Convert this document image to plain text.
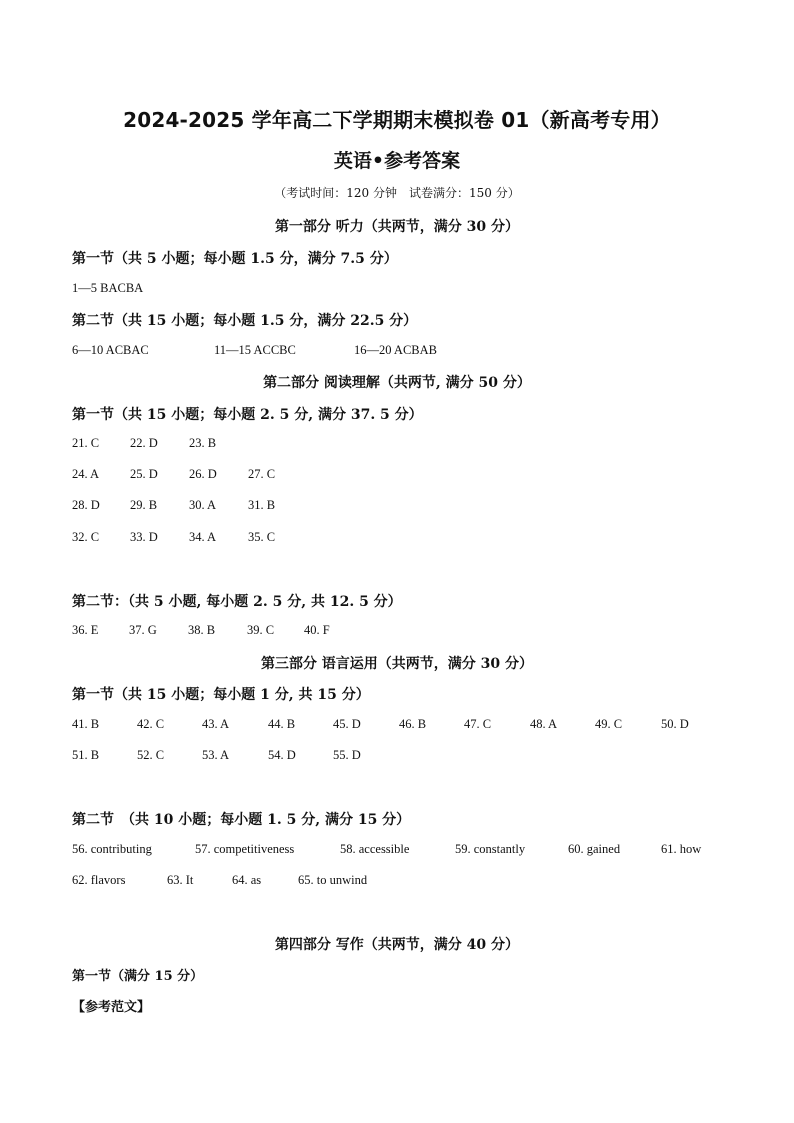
2024-2025 学年高二下学期期末模拟卷 01（新高考专用）
英语•参考答案
（考试时间：120 分钟　试卷满分：150 分）
第一部分 听力（共两节，满分 30 分）
第一节（共 5 小题；每小题 1.5 分，满分 7.5 分）
1—5 BACBA
第二节（共 15 小题；每小题 1.5 分，满分 22.5 分）
6—10 ACBAC	11—15 ACCBC	16—20 ACBAB
第二部分 阅读理解（共两节, 满分 50 分）
第一节（共 15 小题；每小题 2. 5 分, 满分 37. 5 分）
21. C 22. D 23. B
24. A 25. D 26. D 27. C
28. D 29. B	30. A	31. B
32. C 33. D 34. A	35. C
第二节：（共 5 小题, 每小题 2. 5 分, 共 12. 5 分）
36. E 37. G 38. B	39. C 40. F
第三部分 语言运用（共两节，满分 30 分）
第一节（共 15 小题；每小题 1 分, 共 15 分）
41. B	42. C	43. A	44. B	45. D	46. B	47. C	48. A	49. C	50. D
51. B	52. C	53. A	54. D	55. D
第二节　（共 10 小题；每小题 1. 5 分, 满分 15 分）
56. contributing	57. competitiveness	58. accessible	59. constantly	60. gained	61. how
62. flavors	63. It	64. as	65. to unwind
第四部分 写作（共两节，满分 40 分）
第一节（满分 15 分）
【参考范文】
